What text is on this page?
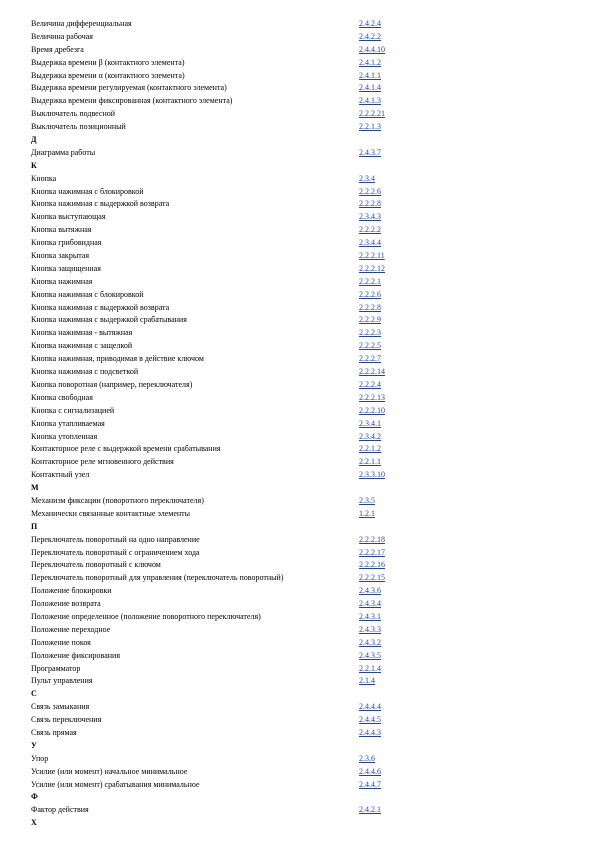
Величина дифференциальная	2.4.2.4
Величина рабочая	2.4.2.2
Время дребезга	2.4.4.10
Выдержка времени β (контактного элемента)	2.4.1.2
Выдержка времени α (контактного элемента)	2.4.1.1
Выдержка времени регулируемая (контактного элемента)	2.4.1.4
Выдержка времени фиксированная (контактного элемента)	2.4.1.3
Выключатель подвесной	2.2.2.21
Выключатель позиционный	2.2.1.3
Д
Диаграмма работы	2.4.3.7
К
Кнопка	2.3.4
Кнопка нажимная с блокировкой	2.2.2.6
Кнопка нажимная с выдержкой возврата	2.2.2.8
Кнопка выступающая	2.3.4.3
Кнопка вытяжная	2.2.2.2
Кнопка грибовидная	2.3.4.4
Кнопка закрытая	2.2.2.11
Кнопка защищенная	2.2.2.12
Кнопка нажимная	2.2.2.1
Кнопка нажимная с блокировкой	2.2.2.6
Кнопка нажимная с выдержкой возврата	2.2.2.8
Кнопка нажимная с выдержкой срабатывания	2.2.2.9
Кнопка нажимная - вытяжная	2.2.2.3
Кнопка нажимная с защелкой	2.2.2.5
Кнопка нажимная, приводимая в действие ключом	2.2.2.7
Кнопка нажимная с подсветкой	2.2.2.14
Кнопка поворотная (например, переключателя)	2.2.2.4
Кнопка свободная	2.2.2.13
Кнопка с сигнализацией	2.2.2.10
Кнопка утапливаемая	2.3.4.1
Кнопка утопленная	2.3.4.2
Контакторное реле с выдержкой времени срабатывания	2.2.1.2
Контакторное реле мгновенного действия	2.2.1.1
Контактный узел	2.3.3.10
М
Механизм фиксации (поворотного переключателя)	2.3.5
Механически связанные контактные элементы	1.2.1
П
Переключатель поворотный на одно направление	2.2.2.18
Переключатель поворотный с ограничением хода	2.2.2.17
Переключатель поворотный с ключом	2.2.2.16
Переключатель поворотный для управления (переключатель поворотный)	2.2.2.15
Положение блокировки	2.4.3.6
Положение возврата	2.4.3.4
Положение определенное (положение поворотного переключателя)	2.4.3.1
Положение переходное	2.4.3.3
Положение покоя	2.4.3.2
Положение фиксирования	2.4.3.5
Программатор	2.2.1.4
Пульт управления	2.1.4
С
Связь замыкания	2.4.4.4
Связь переключения	2.4.4.5
Связь прямая	2.4.4.3
У
Упор	2.3.6
Усилие (или момент) начальное минимальное	2.4.4.6
Усилие (или момент) срабатывания минимальное	2.4.4.7
Ф
Фактор действия	2.4.2.1
Х
